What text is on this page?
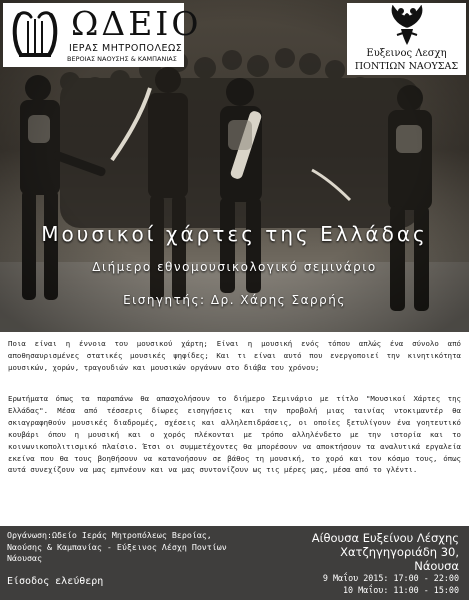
ΩΔΕΙΟ
ΙΕΡΑΣ ΜΗΤΡΟΠΟΛΕΩΣ
ΒΕΡΟΙΑΣ ΝΑΟΥΣΗΣ & ΚΑΜΠΑΝΙΑΣ	Ευξεινος Λεσχη
ΠΟΝΤΙΩΝ ΝΑΟΥΣΑΣ
Μουσικοί χάρτες της Ελλάδας
Διήμερο εθνομουσικολογικό σεμινάριο
Εισηγητής: Δρ. Χάρης Σαρρής
Ποια είναι η έννοια του μουσικού χάρτη; Είναι η μουσική ενός τόπου απλώς ένα σύνολο από αποθησαυρισμένες στατικές μουσικές ψηφίδες; Και τι είναι αυτό που ενεργοποιεί την κινητικότητα μουσικών, χορών, τραγουδιών και μουσικών οργάνων στο διάβα του χρόνου;
Ερωτήματα όπως τα παραπάνω θα απασχολήσουν το διήμερο Σεμινάριο με τίτλο "Μουσικοί Χάρτες της Ελλάδας". Μέσα από τέσσερις δίωρες εισηγήσεις και την προβολή μιας ταινίας ντοκιμαντέρ θα σκιαγραφηθούν μουσικές διαδρομές, σχέσεις και αλληλεπιδράσεις, οι οποίες ξετυλίγουν ένα γοητευτικό κουβάρι όπου η μουσική και ο χορός πλέκονται με τρόπο αλληλένδετο με την ιστορία και το κοινωνικοπολιτισμικό πλαίσιο. Έτσι οι συμμετέχοντες θα μπορέσουν να αποκτήσουν τα αναλυτικά εργαλεία εκείνα που θα τους βοηθήσουν να κατανοήσουν σε βάθος τη μουσική, το χορό και τον κόσμο τους, όπως αυτά συνεχίζουν να μας εμπνέουν και να μας συντονίζουν ως τις μέρες μας, μέσα από το γλέντι.
Οργάνωση:Ωδείο Ιεράς Μητροπόλεως Βεροίας, Ναούσης & Καμπανίας - Εύξεινος Λέσχη Ποντίων Νάουσας
Είσοδος ελεύθερη
Αίθουσα Ευξείνου Λέσχης
Χατζηγηγοριάδη 30,
Νάουσα
9 Μαΐου 2015: 17:00 - 22:00
10 Μαΐου: 11:00 - 15:00
